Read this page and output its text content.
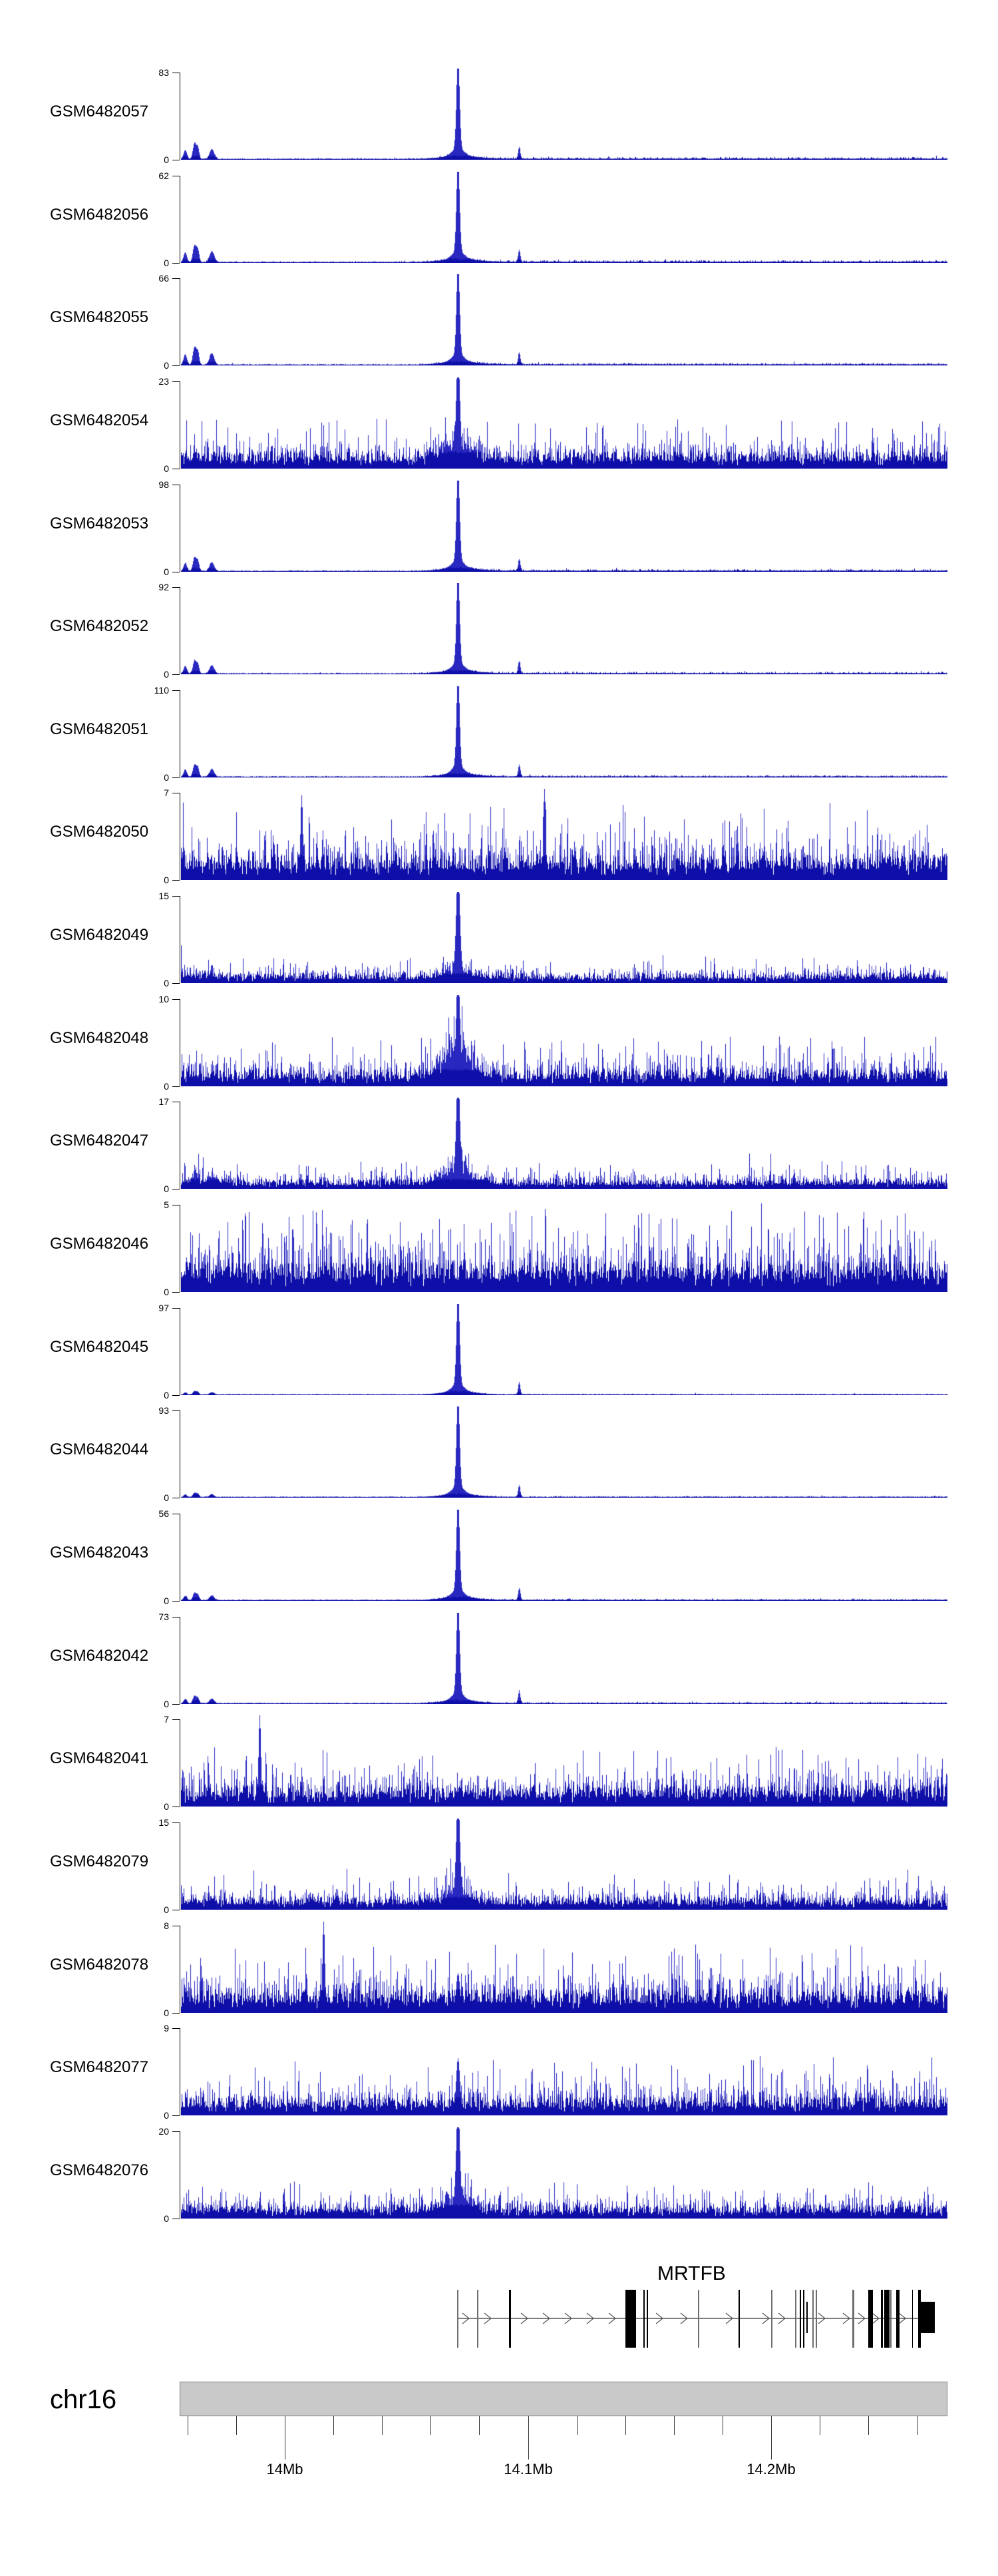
GSM6482057
83
0
GSM6482056
62
0
GSM6482055
66
0
GSM6482054
23
0
GSM6482053
98
0
GSM6482052
92
0
GSM6482051
110
0
GSM6482050
7
0
GSM6482049
15
0
GSM6482048
10
0
GSM6482047
17
0
GSM6482046
5
0
GSM6482045
97
0
GSM6482044
93
0
GSM6482043
56
0
GSM6482042
73
0
GSM6482041
7
0
GSM6482079
15
0
GSM6482078
8
0
GSM6482077
9
0
GSM6482076
20
0
MRTFB
chr16
14Mb	14.1Mb	14.2Mb
